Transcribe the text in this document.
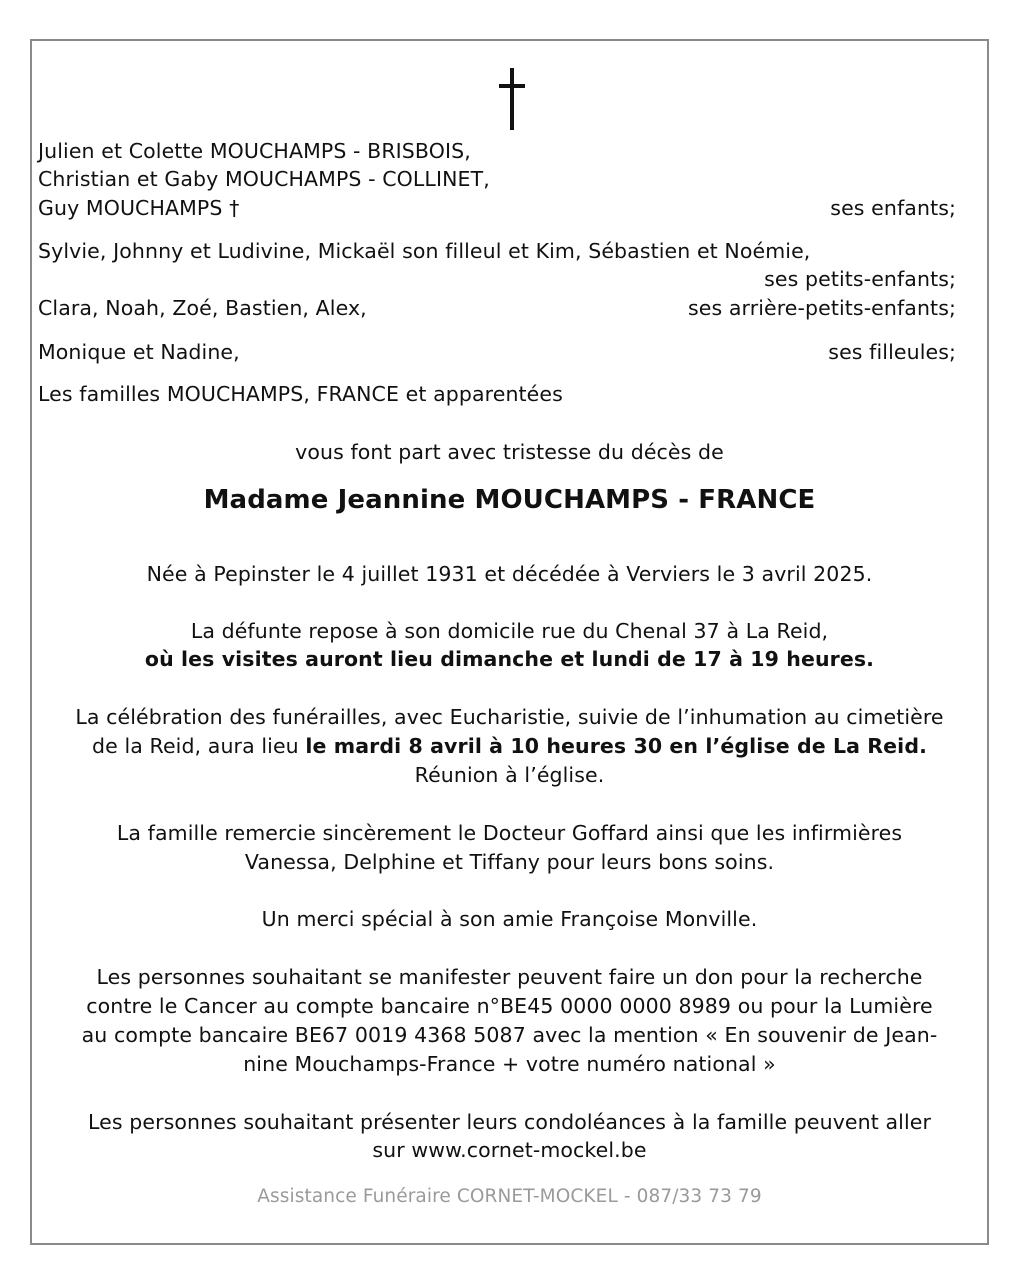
Julien et Colette MOUCHAMPS - BRISBOIS,
Christian et Gaby MOUCHAMPS - COLLINET,
Guy MOUCHAMPS †	ses enfants;
Sylvie, Johnny et Ludivine, Mickaël son filleul et Kim, Sébastien et Noémie,
ses petits-enfants;
Clara, Noah, Zoé, Bastien, Alex,	ses arrière-petits-enfants;
Monique et Nadine,	ses filleules;
Les familles MOUCHAMPS, FRANCE et apparentées
vous font part avec tristesse du décès de
Madame Jeannine MOUCHAMPS - FRANCE
Née à Pepinster le 4 juillet 1931 et décédée à Verviers le 3 avril 2025.
La défunte repose à son domicile rue du Chenal 37 à La Reid,
où les visites auront lieu dimanche et lundi de 17 à 19 heures.
La célébration des funérailles, avec Eucharistie, suivie de l’inhumation au cimetière
de la Reid, aura lieu le mardi 8 avril à 10 heures 30 en l’église de La Reid.
Réunion à l’église.
La famille remercie sincèrement le Docteur Goffard ainsi que les infirmières
Vanessa, Delphine et Tiffany pour leurs bons soins.
Un merci spécial à son amie Françoise Monville.
Les personnes souhaitant se manifester peuvent faire un don pour la recherche
contre le Cancer au compte bancaire n°BE45 0000 0000 8989 ou pour la Lumière
au compte bancaire BE67 0019 4368 5087 avec la mention « En souvenir de Jean-
nine Mouchamps-France + votre numéro national »
Les personnes souhaitant présenter leurs condoléances à la famille peuvent aller
sur www.cornet-mockel.be
Assistance Funéraire CORNET-MOCKEL - 087/33 73 79
